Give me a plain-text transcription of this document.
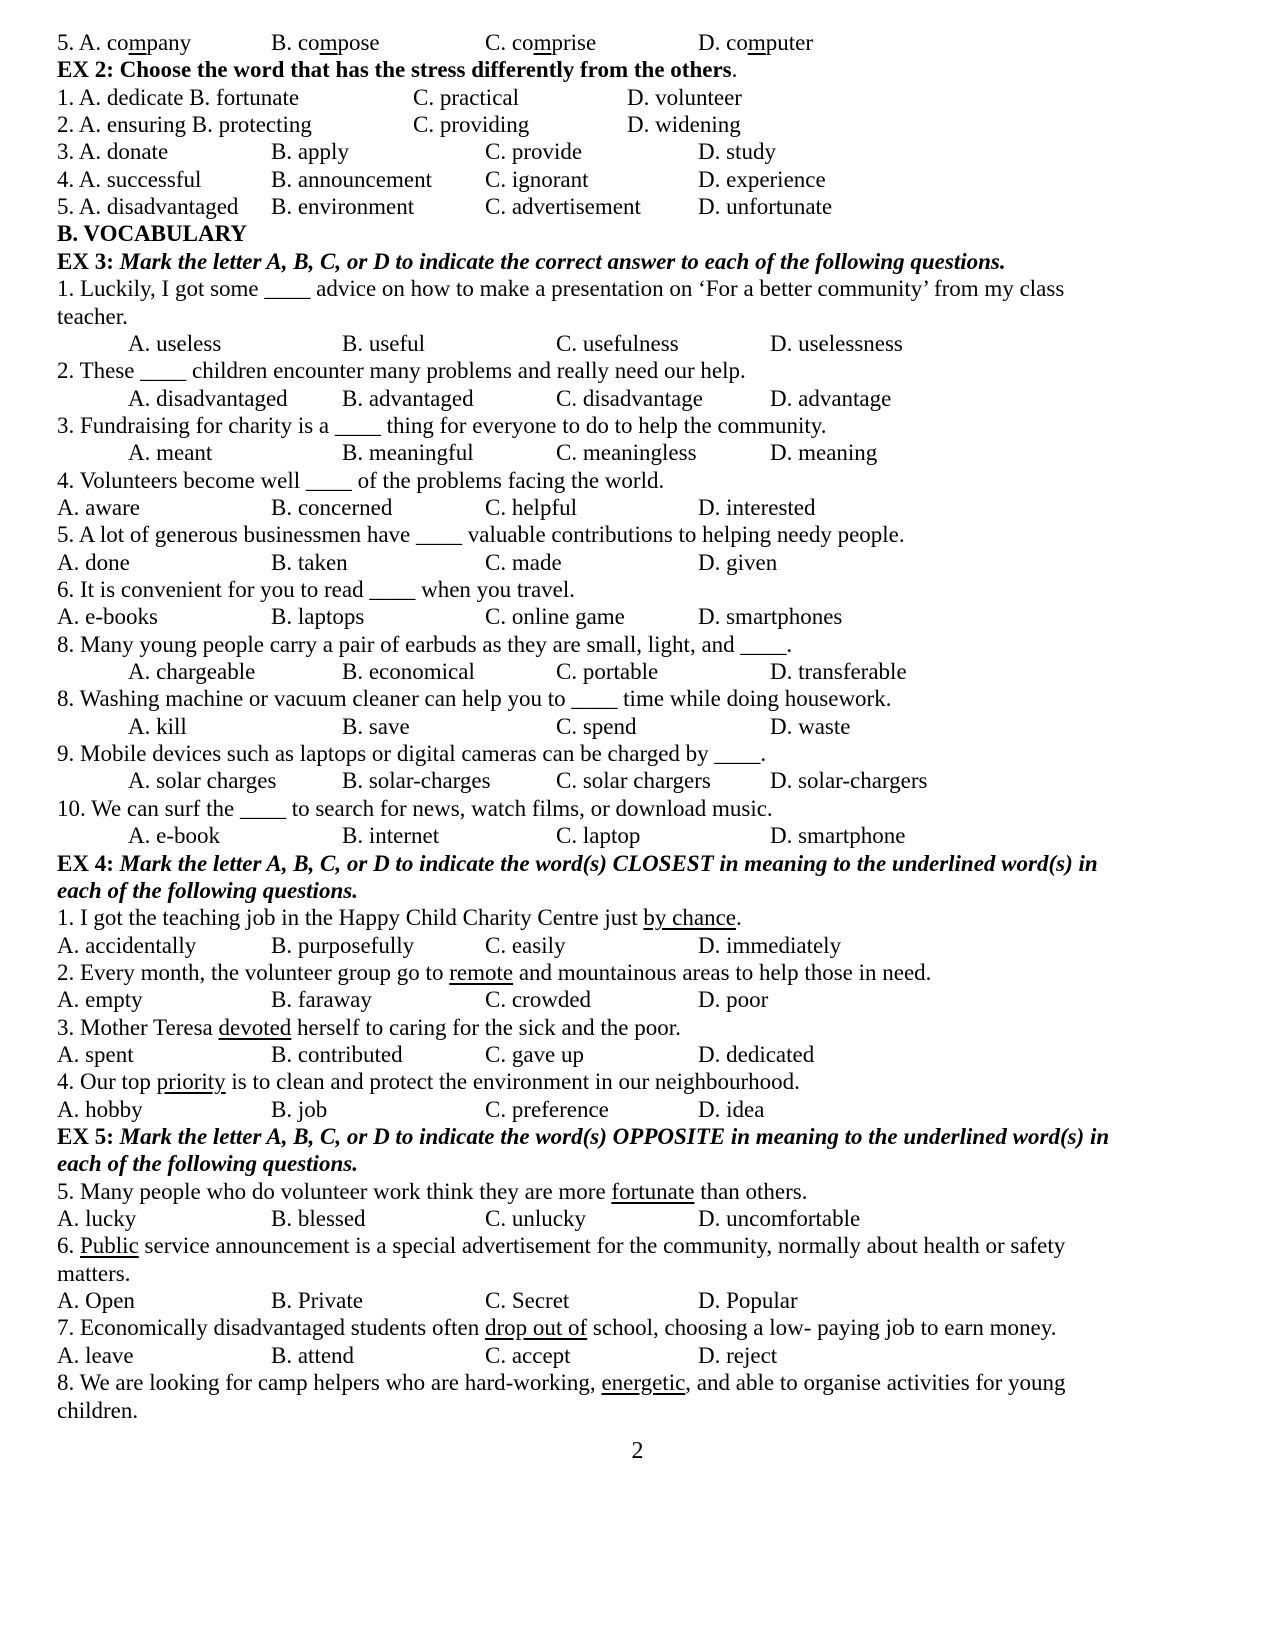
5. A. company	B. compose	C. comprise	D. computer
EX 2: Choose the word that has the stress differently from the others.
1. A. dedicate B. fortunate	C. practical	D. volunteer
2. A. ensuring B. protecting	C. providing	D. widening
3. A. donate	B. apply	C. provide	D. study
4. A. successful	B. announcement C. ignorant	D. experience
5. A. disadvantaged B. environment	C. advertisement D. unfortunate
B. VOCABULARY
EX 3: Mark the letter A, B, C, or D to indicate the correct answer to each of the following questions.
1. Luckily, I got some ____ advice on how to make a presentation on ‘For a better community’ from my class
teacher.
A. useless	B. useful	C. usefulness	D. uselessness
2. These ____ children encounter many problems and really need our help.
A. disadvantaged B. advantaged	C. disadvantage	D. advantage
3. Fundraising for charity is a ____ thing for everyone to do to help the community.
A. meant	B. meaningful	C. meaningless	D. meaning
4. Volunteers become well ____ of the problems facing the world.
A. aware	B. concerned	C. helpful	D. interested
5. A lot of generous businessmen have ____ valuable contributions to helping needy people.
A. done	B. taken	C. made	D. given
6. It is convenient for you to read ____ when you travel.
A. e-books	B. laptops	C. online game	D. smartphones
8. Many young people carry a pair of earbuds as they are small, light, and ____.
A. chargeable	B. economical	C. portable	D. transferable
8. Washing machine or vacuum cleaner can help you to ____ time while doing housework.
A. kill	B. save	C. spend	D. waste
9. Mobile devices such as laptops or digital cameras can be charged by ____.
A. solar charges	B. solar-charges	C. solar chargers	D. solar-chargers
10. We can surf the ____ to search for news, watch films, or download music.
A. e-book	B. internet	C. laptop	D. smartphone
EX 4: Mark the letter A, B, C, or D to indicate the word(s) CLOSEST in meaning to the underlined word(s) in
each of the following questions.
1. I got the teaching job in the Happy Child Charity Centre just by chance.
A. accidentally	B. purposefully	C. easily	D. immediately
2. Every month, the volunteer group go to remote and mountainous areas to help those in need.
A. empty	B. faraway	C. crowded	D. poor
3. Mother Teresa devoted herself to caring for the sick and the poor.
A. spent	B. contributed	C. gave up	D. dedicated
4. Our top priority is to clean and protect the environment in our neighbourhood.
A. hobby	B. job	C. preference	D. idea
EX 5: Mark the letter A, B, C, or D to indicate the word(s) OPPOSITE in meaning to the underlined word(s) in
each of the following questions.
5. Many people who do volunteer work think they are more fortunate than others.
A. lucky	B. blessed	C. unlucky	D. uncomfortable
6. Public service announcement is a special advertisement for the community, normally about health or safety
matters.
A. Open	B. Private	C. Secret	D. Popular
7. Economically disadvantaged students often drop out of school, choosing a low- paying job to earn money.
A. leave	B. attend	C. accept	D. reject
8. We are looking for camp helpers who are hard-working, energetic, and able to organise activities for young
children.
2
